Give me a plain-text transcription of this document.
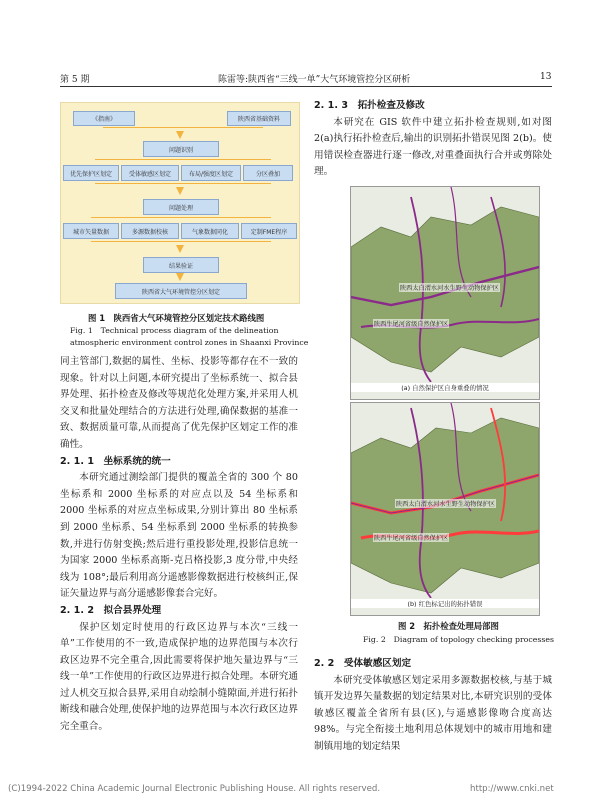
第 5 期	陈雷等:陕西省“三线一单”大气环境管控分区研析	13
《指南》	陕西省基础资料
问题识别
优先保护区划定	受体敏感区划定	布局/强度区划定	分区叠加
问题处理
城市矢量数据	多源数据校核	气象数据同化	定制FME程序
结果验证
陕西省大气环境管控分区划定
图 1　陕西省大气环境管控分区划定技术路线图
Fig. 1　Technical process diagram of the delineation
atmospheric environment control zones in Shaanxi Province

同主管部门,数据的属性、坐标、投影等都存在不一致的现象。针对以上问题,本研究提出了坐标系统一、拟合县界处理、拓扑检查及修改等规范化处理方案,并采用人机交叉和批量处理结合的方法进行处理,确保数据的基准一致、数据质量可靠,从而提高了优先保护区划定工作的准确性。

2. 1. 1　坐标系统的统一

本研究通过测绘部门提供的覆盖全省的 300 个 80 坐标系和 2000 坐标系的对应点以及 54 坐标系和 2000 坐标系的对应点坐标成果,分别计算出 80 坐标系到 2000 坐标系、54 坐标系到 2000 坐标系的转换参数,并进行仿射变换;然后进行重投影处理,投影信息统一为国家 2000 坐标系高斯-克吕格投影,3 度分带,中央经线为 108°;最后利用高分遥感影像数据进行校核纠正,保证矢量边界与高分遥感影像套合完好。

2. 1. 2　拟合县界处理

保护区划定时使用的行政区边界与本次“三线一单”工作使用的不一致,造成保护地的边界范围与本次行政区边界不完全重合,因此需要将保护地矢量边界与“三线一单”工作使用的行政区边界进行拟合处理。本研究通过人机交互拟合县界,采用自动绘制小缝隙面,并进行拓扑断线和融合处理,使保护地的边界范围与本次行政区边界完全重合。

2. 1. 3　拓扑检查及修改

本研究在 GIS 软件中建立拓扑检查规则,如对图 2(a)执行拓扑检查后,输出的识别拓扑错误见图 2(b)。使用错误检查器进行逐一修改,对重叠面执行合并或剪除处理。

陕西太白湑水河水生野生动物保护区
陕西牛尾河省级自然保护区
(a) 自然保护区自身重叠的情况
陕西太白湑水河水生野生动物保护区
陕西牛尾河省级自然保护区
(b) 红色标记出的拓扑错误
图 2　拓扑检查处理局部图
Fig. 2　Diagram of topology checking processes
2. 2　受体敏感区划定

本研究受体敏感区划定采用多源数据校核,与基于城镇开发边界矢量数据的划定结果对比,本研究识别的受体敏感区覆盖全省所有县(区),与遥感影像吻合度高达 98%。与完全衔接土地利用总体规划中的城市用地和建制镇用地的划定结果

(C)1994-2022 China Academic Journal Electronic Publishing House. All rights reserved.	http://www.cnki.net
